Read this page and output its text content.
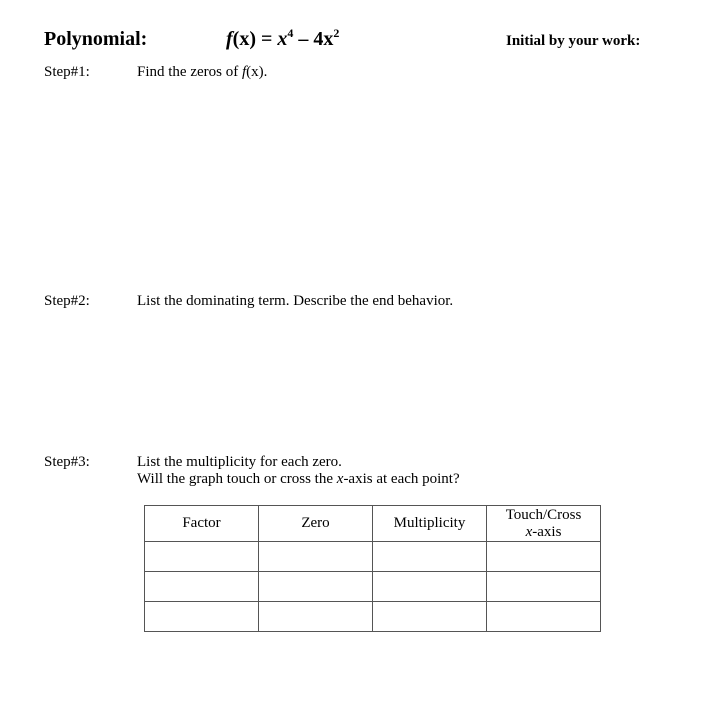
Polynomial:	$f(x) = x^4 - 4x^2$	Initial by your work:
Step#1:	Find the zeros of f(x).
Step#2:	List the dominating term. Describe the end behavior.
Step#3:	List the multiplicity for each zero.
Will the graph touch or cross the x-axis at each point?
Factor	Zero	Multiplicity	Touch/Cross
x-axis
